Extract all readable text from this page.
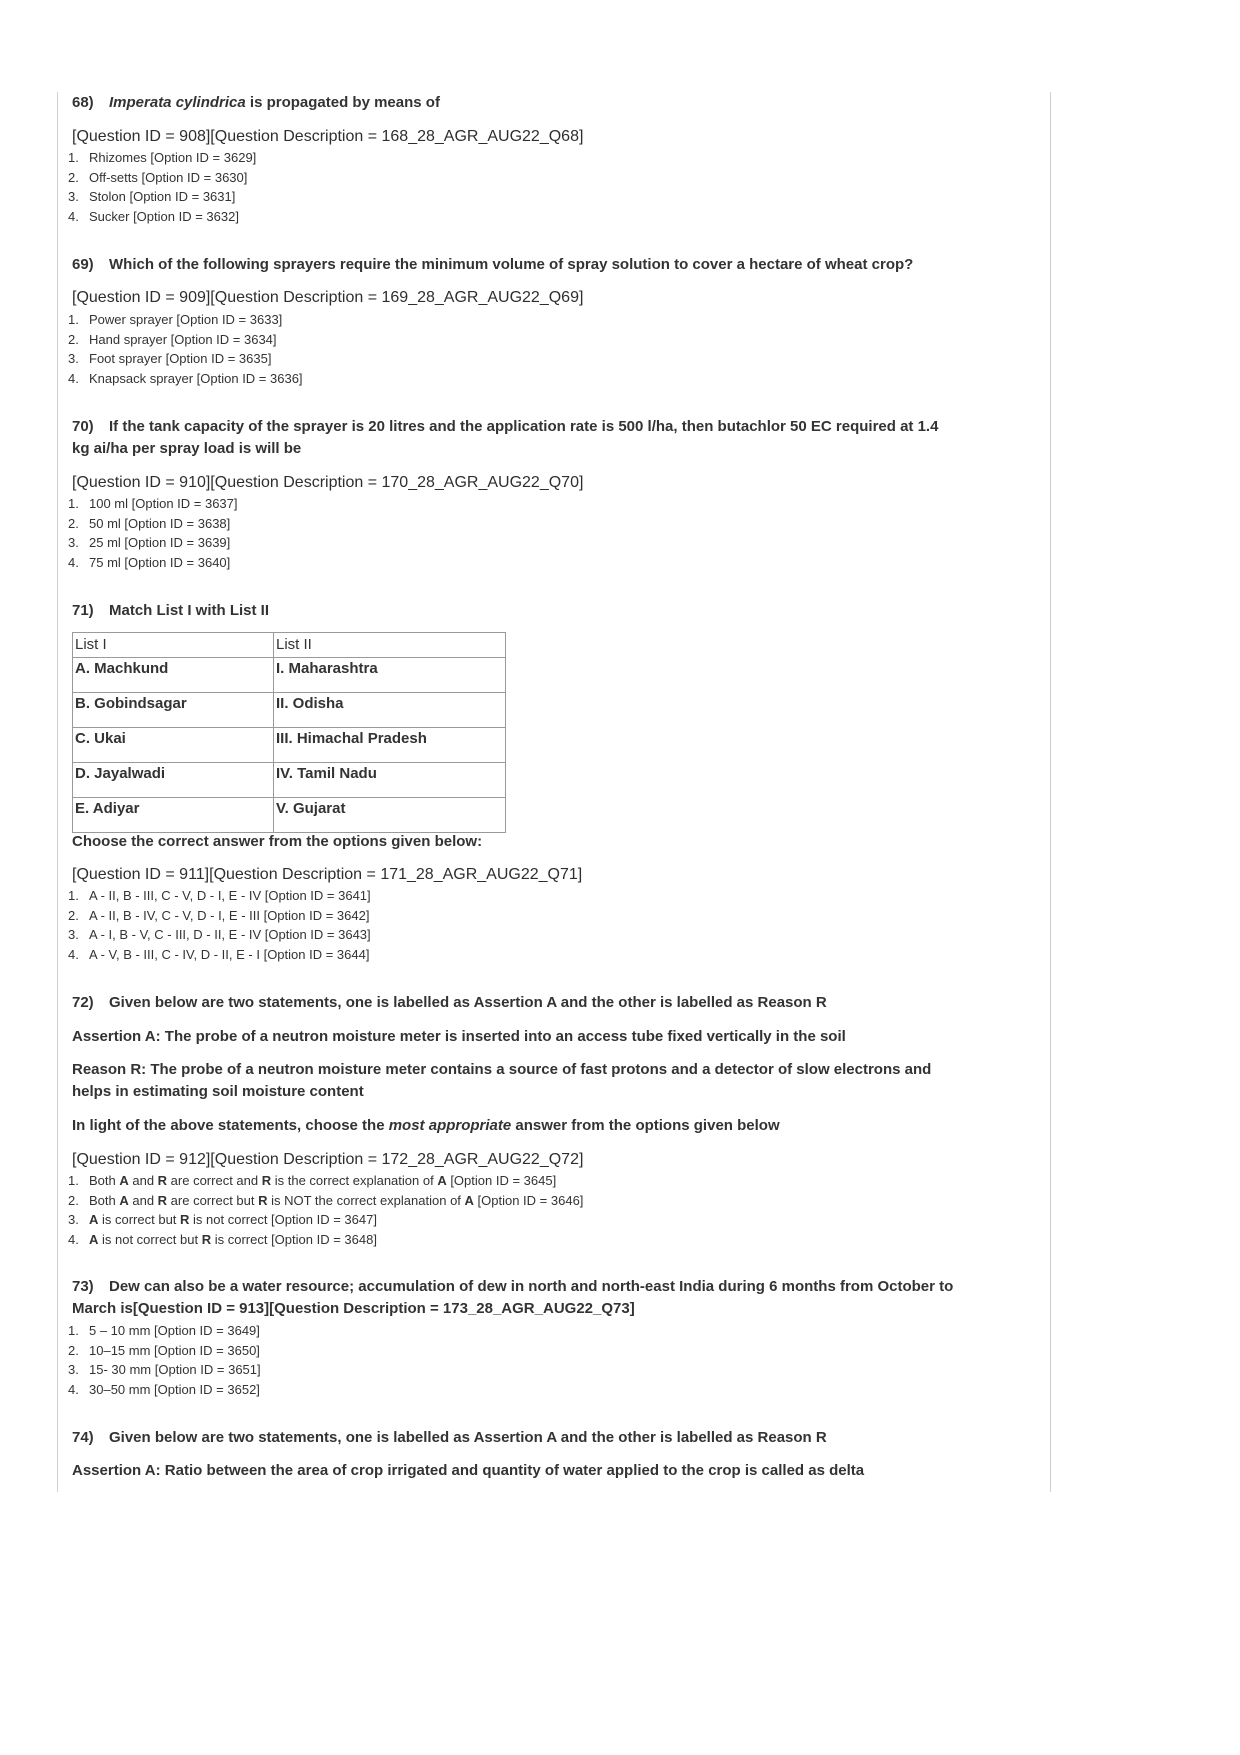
68) Imperata cylindrica is propagated by means of
[Question ID = 908][Question Description = 168_28_AGR_AUG22_Q68]
1. Rhizomes [Option ID = 3629]
2. Off-setts [Option ID = 3630]
3. Stolon [Option ID = 3631]
4. Sucker [Option ID = 3632]
69) Which of the following sprayers require the minimum volume of spray solution to cover a hectare of wheat crop?
[Question ID = 909][Question Description = 169_28_AGR_AUG22_Q69]
1. Power sprayer [Option ID = 3633]
2. Hand sprayer [Option ID = 3634]
3. Foot sprayer [Option ID = 3635]
4. Knapsack sprayer [Option ID = 3636]
70) If the tank capacity of the sprayer is 20 litres and the application rate is 500 l/ha, then butachlor 50 EC required at 1.4
kg ai/ha per spray load is will be
[Question ID = 910][Question Description = 170_28_AGR_AUG22_Q70]
1. 100 ml [Option ID = 3637]
2. 50 ml [Option ID = 3638]
3. 25 ml [Option ID = 3639]
4. 75 ml [Option ID = 3640]
71) Match List I with List II
List I	List II
A. Machkund	I. Maharashtra
B. Gobindsagar	II. Odisha
C. Ukai	III. Himachal Pradesh
D. Jayalwadi	IV. Tamil Nadu
E. Adiyar	V. Gujarat
Choose the correct answer from the options given below:
[Question ID = 911][Question Description = 171_28_AGR_AUG22_Q71]
1. A - II, B - III, C - V, D - I, E - IV [Option ID = 3641]
2. A - II, B - IV, C - V, D - I, E - III [Option ID = 3642]
3. A - I, B - V, C - III, D - II, E - IV [Option ID = 3643]
4. A - V, B - III, C - IV, D - II, E - I [Option ID = 3644]
72) Given below are two statements, one is labelled as Assertion A and the other is labelled as Reason R
Assertion A: The probe of a neutron moisture meter is inserted into an access tube fixed vertically in the soil
Reason R: The probe of a neutron moisture meter contains a source of fast protons and a detector of slow electrons and
helps in estimating soil moisture content
In light of the above statements, choose the most appropriate answer from the options given below
[Question ID = 912][Question Description = 172_28_AGR_AUG22_Q72]
1. Both A and R are correct and R is the correct explanation of A [Option ID = 3645]
2. Both A and R are correct but R is NOT the correct explanation of A [Option ID = 3646]
3. A is correct but R is not correct [Option ID = 3647]
4. A is not correct but R is correct [Option ID = 3648]
73) Dew can also be a water resource; accumulation of dew in north and north-east India during 6 months from October to
March is[Question ID = 913][Question Description = 173_28_AGR_AUG22_Q73]
1. 5 – 10 mm [Option ID = 3649]
2. 10–15 mm [Option ID = 3650]
3. 15- 30 mm [Option ID = 3651]
4. 30–50 mm [Option ID = 3652]
74) Given below are two statements, one is labelled as Assertion A and the other is labelled as Reason R
Assertion A: Ratio between the area of crop irrigated and quantity of water applied to the crop is called as delta
